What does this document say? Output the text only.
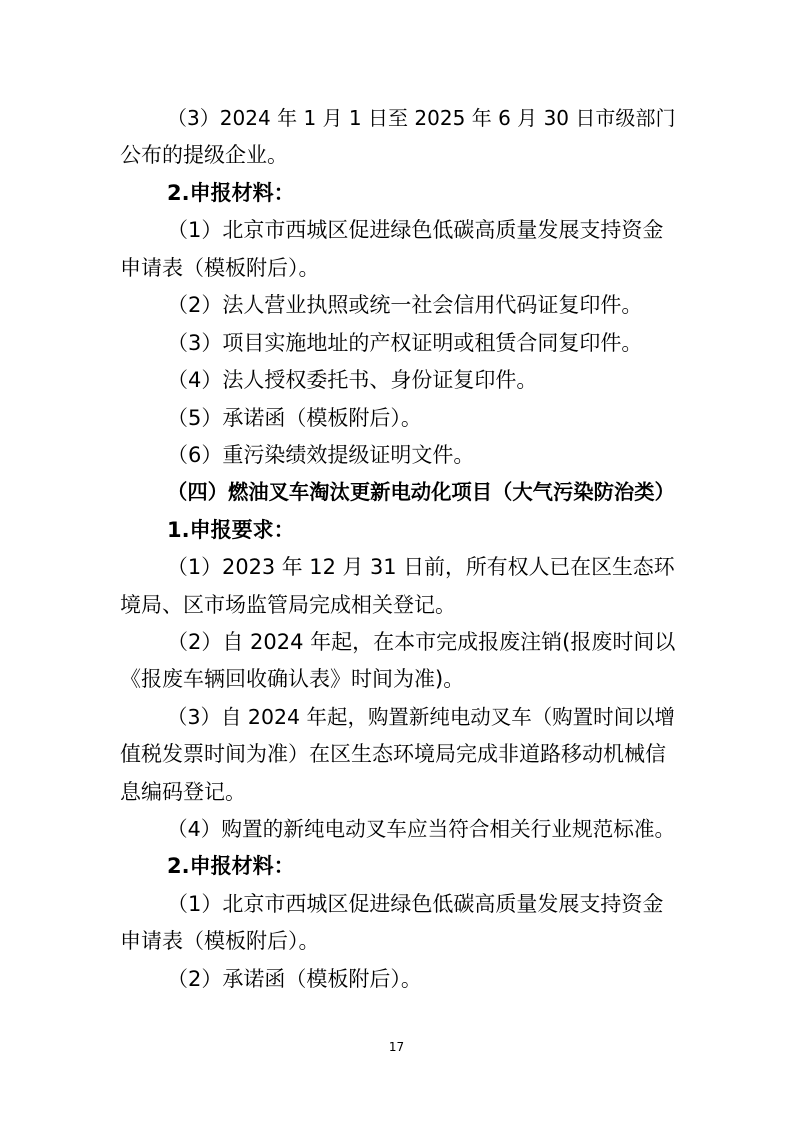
（3）2024 年 1 月 1 日至 2025 年 6 月 30 日市级部门
公布的提级企业。
2.申报材料：
（1）北京市西城区促进绿色低碳高质量发展支持资金
申请表（模板附后）。
（2）法人营业执照或统一社会信用代码证复印件。
（3）项目实施地址的产权证明或租赁合同复印件。
（4）法人授权委托书、身份证复印件。
（5）承诺函（模板附后）。
（6）重污染绩效提级证明文件。
（四）燃油叉车淘汰更新电动化项目（大气污染防治类）
1.申报要求：
（1）2023 年 12 月 31 日前，所有权人已在区生态环
境局、区市场监管局完成相关登记。
（2）自 2024 年起，在本市完成报废注销(报废时间以
《报废车辆回收确认表》时间为准)。
（3）自 2024 年起，购置新纯电动叉车（购置时间以增
值税发票时间为准）在区生态环境局完成非道路移动机械信
息编码登记。
（4）购置的新纯电动叉车应当符合相关行业规范标准。
2.申报材料：
（1）北京市西城区促进绿色低碳高质量发展支持资金
申请表（模板附后）。
（2）承诺函（模板附后）。
17
